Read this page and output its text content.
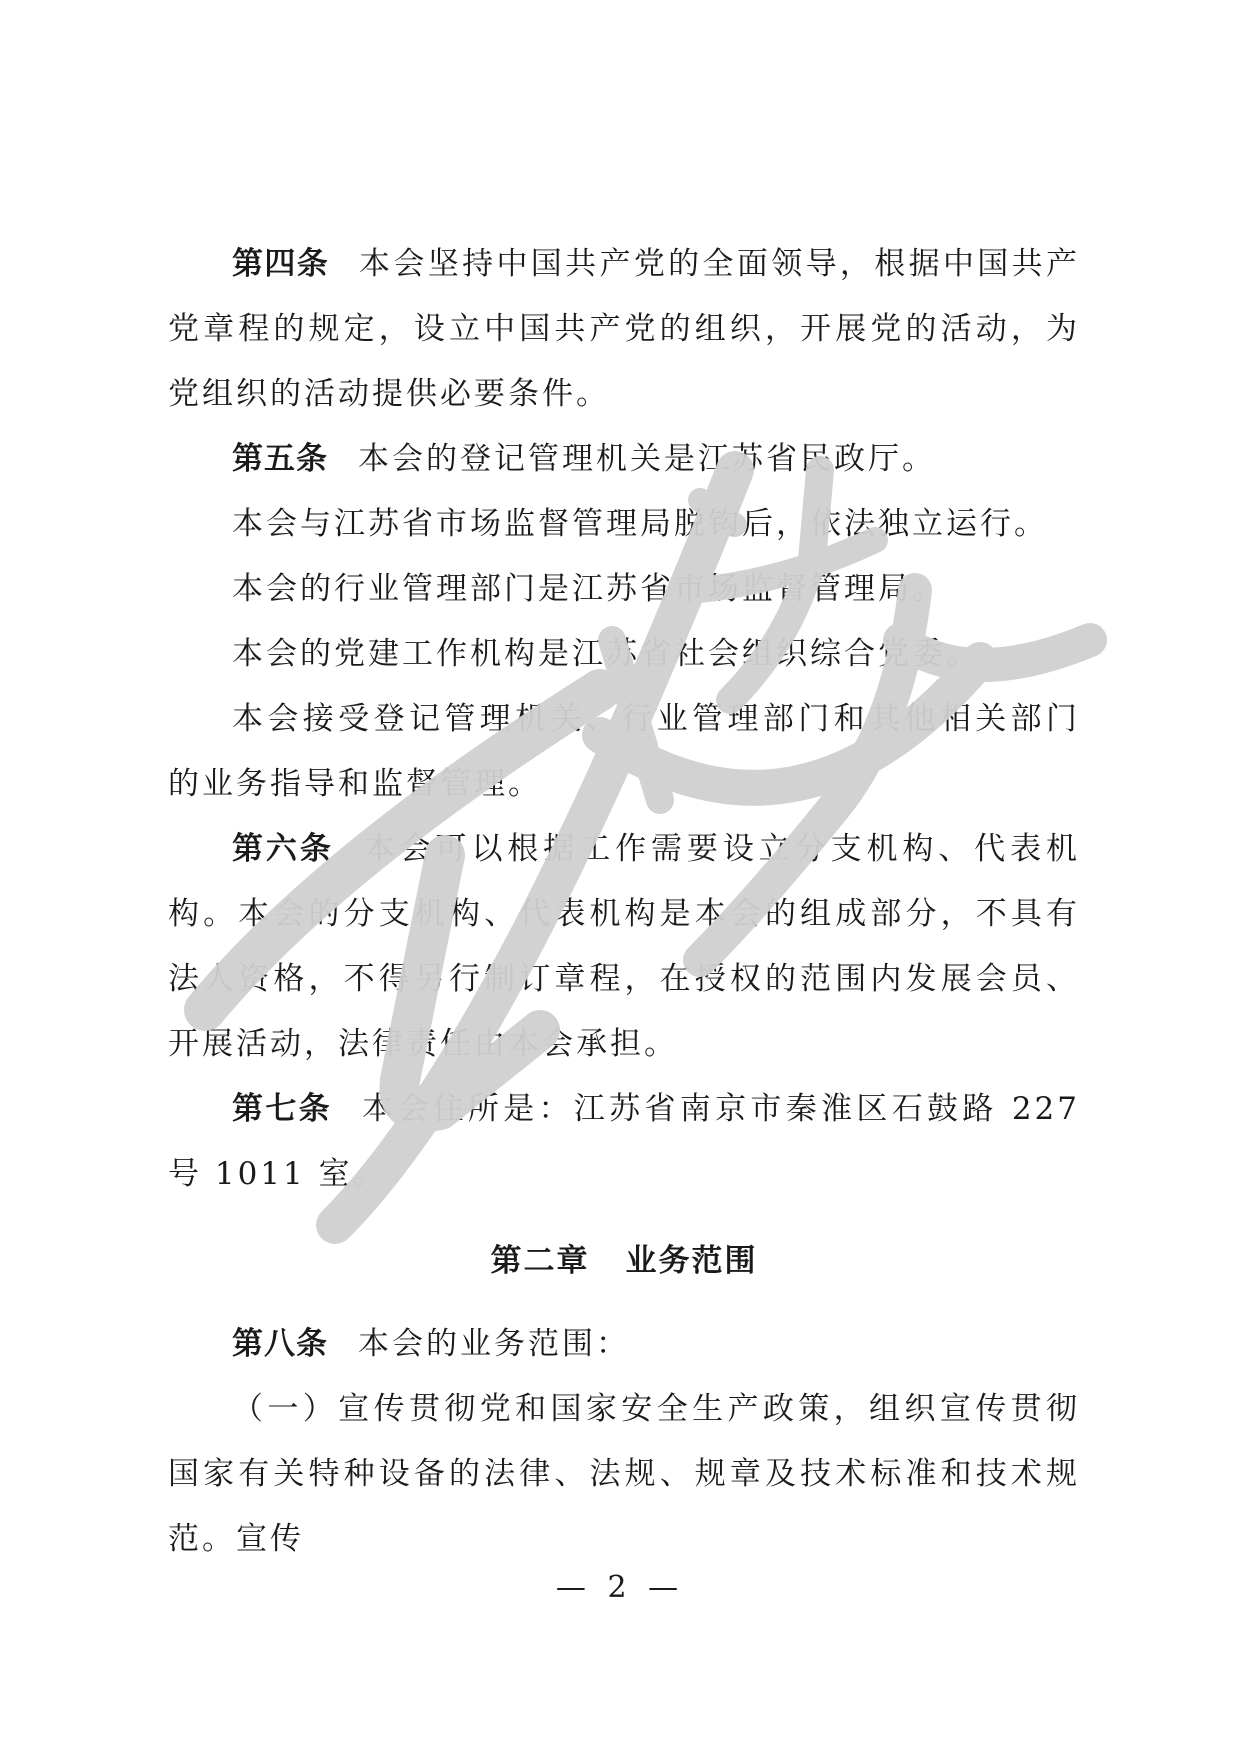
第四条 本会坚持中国共产党的全面领导，根据中国共产党章程的规定，设立中国共产党的组织，开展党的活动，为党组织的活动提供必要条件。

第五条 本会的登记管理机关是江苏省民政厅。

本会与江苏省市场监督管理局脱钩后，依法独立运行。

本会的行业管理部门是江苏省市场监督管理局。

本会的党建工作机构是江苏省社会组织综合党委。

本会接受登记管理机关、行业管理部门和其他相关部门的业务指导和监督管理。

第六条 本会可以根据工作需要设立分支机构、代表机构。本会的分支机构、代表机构是本会的组成部分，不具有法人资格，不得另行制订章程，在授权的范围内发展会员、开展活动，法律责任由本会承担。

第七条 本会住所是：江苏省南京市秦淮区石鼓路 227 号 1011 室。

第二章 业务范围

第八条 本会的业务范围：

（一）宣传贯彻党和国家安全生产政策，组织宣传贯彻国家有关特种设备的法律、法规、规章及技术标准和技术规范。宣传

— 2 —
